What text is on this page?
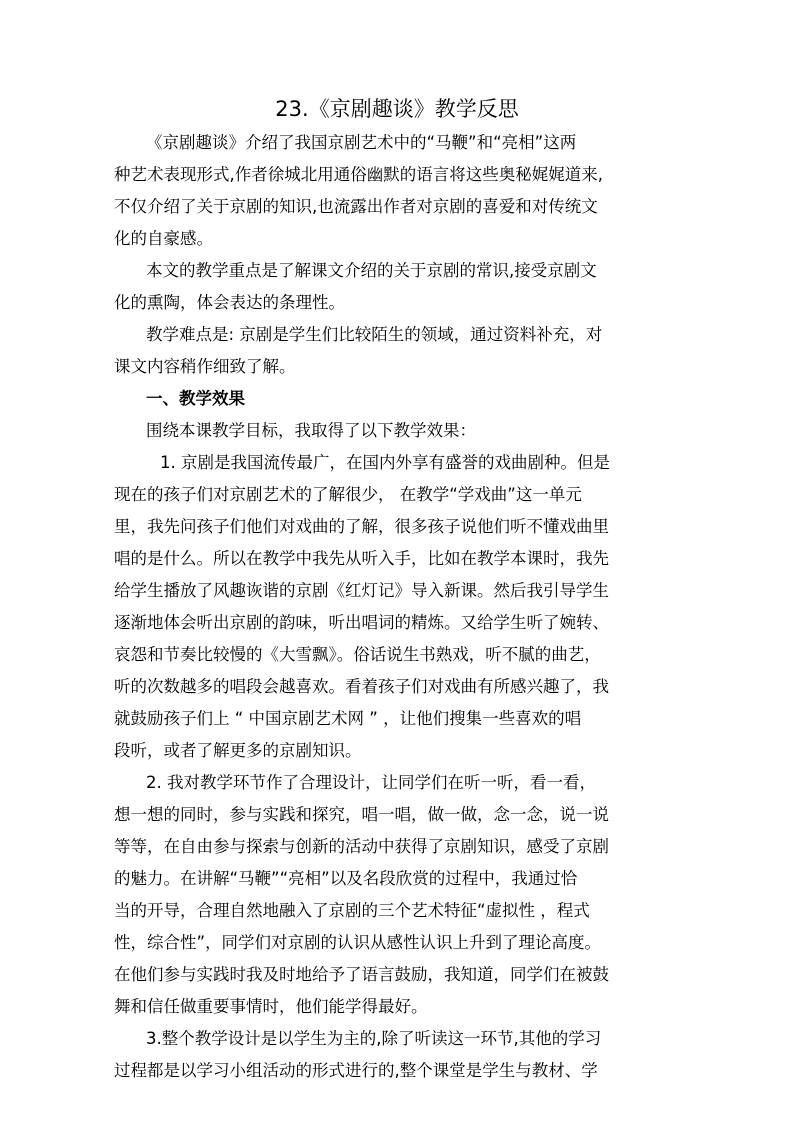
23.《京剧趣谈》教学反思
《京剧趣谈》介绍了我国京剧艺术中的“马鞭”和“亮相”这两
种艺术表现形式,作者徐城北用通俗幽默的语言将这些奥秘娓娓道来,
不仅介绍了关于京剧的知识,也流露出作者对京剧的喜爱和对传统文
化的自豪感。
本文的教学重点是了解课文介绍的关于京剧的常识,接受京剧文
化的熏陶，体会表达的条理性。
教学难点是: 京剧是学生们比较陌生的领域，通过资料补充，对
课文内容稍作细致了解。
一、教学效果
围绕本课教学目标，我取得了以下教学效果：
1. 京剧是我国流传最广，在国内外享有盛誉的戏曲剧种。但是
现在的孩子们对京剧艺术的了解很少， 在教学“学戏曲”这一单元
里，我先问孩子们他们对戏曲的了解，很多孩子说他们听不懂戏曲里
唱的是什么。所以在教学中我先从听入手，比如在教学本课时，我先
给学生播放了风趣诙谐的京剧《红灯记》导入新课。然后我引导学生
逐渐地体会听出京剧的韵味，听出唱词的精炼。又给学生听了婉转、
哀怨和节奏比较慢的《大雪飘》。俗话说生书熟戏，听不腻的曲艺，
听的次数越多的唱段会越喜欢。看着孩子们对戏曲有所感兴趣了，我
就鼓励孩子们上 “ 中国京剧艺术网 ” ，让他们搜集一些喜欢的唱
段听，或者了解更多的京剧知识。
2. 我对教学环节作了合理设计，让同学们在听一听，看一看，
想一想的同时，参与实践和探究，唱一唱，做一做，念一念，说一说
等等，在自由参与探索与创新的活动中获得了京剧知识，感受了京剧
的魅力。在讲解“马鞭”“亮相”以及名段欣赏的过程中，我通过恰
当的开导，合理自然地融入了京剧的三个艺术特征“虚拟性 ，程式
性，综合性”，同学们对京剧的认识从感性认识上升到了理论高度。
在他们参与实践时我及时地给予了语言鼓励，我知道，同学们在被鼓
舞和信任做重要事情时，他们能学得最好。
3.整个教学设计是以学生为主的,除了听读这一环节,其他的学习
过程都是以学习小组活动的形式进行的,整个课堂是学生与教材、学
